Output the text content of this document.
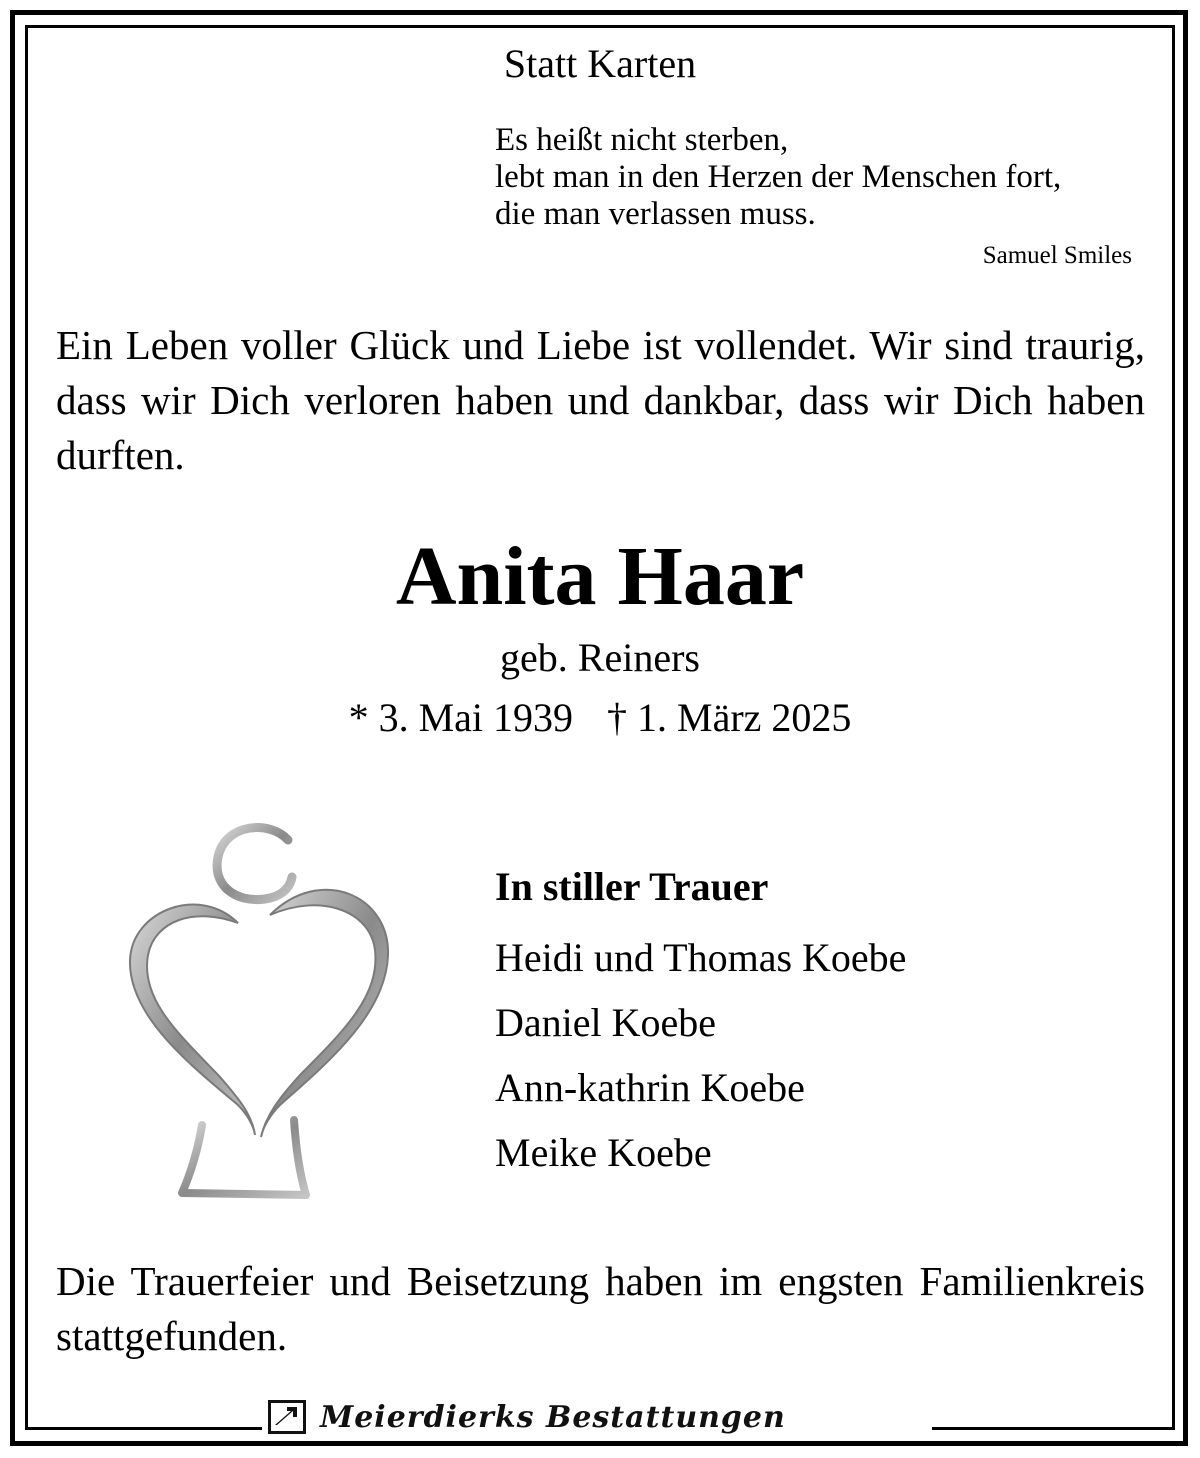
Statt Karten
Es heißt nicht sterben,
lebt man in den Herzen der Menschen fort,
die man verlassen muss.
Samuel Smiles
Ein Leben voller Glück und Liebe ist vollendet. Wir sind traurig, dass wir Dich verloren haben und dankbar, dass wir Dich haben durften.
Anita Haar
geb. Reiners
* 3. Mai 1939 † 1. März 2025
In stiller Trauer
Heidi und Thomas Koebe
Daniel Koebe
Ann-kathrin Koebe
Meike Koebe
Die Trauerfeier und Beisetzung haben im engsten Familienkreis stattgefunden.
Meierdierks Bestattungen
